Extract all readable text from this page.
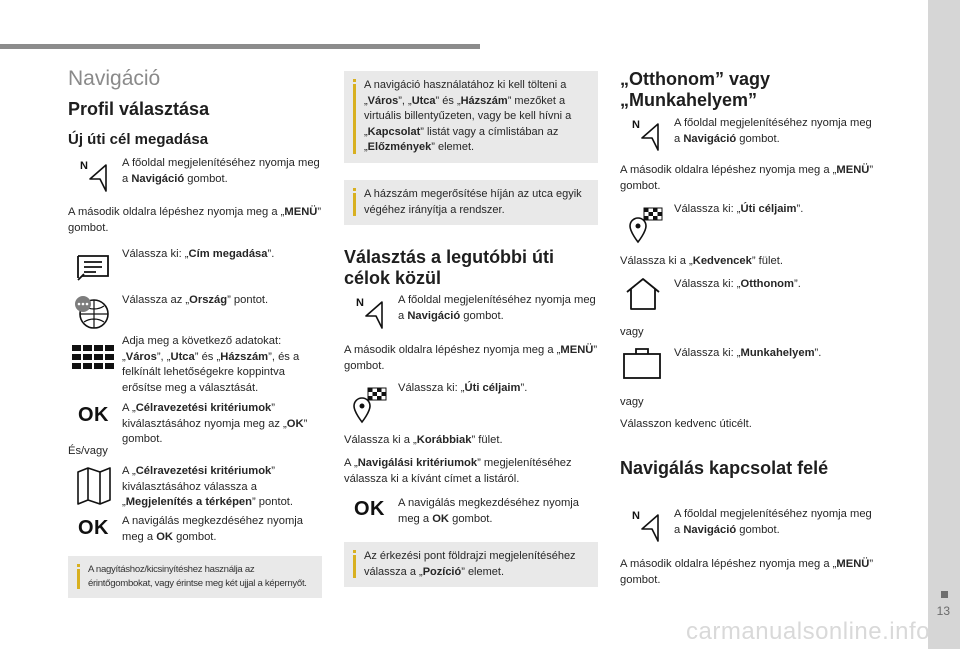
13
carmanualsonline.info
Navigáció
Profil választása
Új úti cél megadása
N	A főoldal megjelenítéséhez nyomja meg a Navigáció gombot.
A második oldalra lépéshez nyomja meg a „MENÜ” gombot.
Válassza ki: „Cím megadása”.
Válassza az „Ország” pontot.
Adja meg a következő adatokat: „Város”, „Utca” és „Házszám”, és a felkínált lehetőségekre koppintva erősítse meg a választását.
OK A „Célravezetési kritériumok” kiválasztásához nyomja meg az „OK” gombot.
És/vagy
A „Célravezetési kritériumok” kiválasztásához válassza a „Megjelenítés a térképen” pontot.
OK A navigálás megkezdéséhez nyomja meg a OK gombot.
A nagyításhoz/kicsinyítéshez használja az érintőgombokat, vagy érintse meg két ujjal a képernyőt.
A navigáció használatához ki kell tölteni a „Város”, „Utca” és „Házszám” mezőket a virtuális billentyűzeten, vagy be kell hívni a „Kapcsolat” listát vagy a címlistában az „Előzmények” elemet.
A házszám megerősítése híján az utca egyik végéhez irányítja a rendszer.
Választás a legutóbbi úti célok közül
N	A főoldal megjelenítéséhez nyomja meg a Navigáció gombot.
A második oldalra lépéshez nyomja meg a „MENÜ” gombot.
Válassza ki: „Úti céljaim”.
Válassza ki a „Korábbiak” fület.
A „Navigálási kritériumok” megjelenítéséhez válassza ki a kívánt címet a listáról.
OK A navigálás megkezdéséhez nyomja meg a OK gombot.
Az érkezési pont földrajzi megjelenítéséhez válassza a „Pozíció” elemet.
„Otthonom” vagy „Munkahelyem”
N	A főoldal megjelenítéséhez nyomja meg a Navigáció gombot.
A második oldalra lépéshez nyomja meg a „MENÜ” gombot.
Válassza ki: „Úti céljaim”.
Válassza ki a „Kedvencek” fület.
Válassza ki: „Otthonom”.
vagy
Válassza ki: „Munkahelyem”.
vagy
Válasszon kedvenc úticélt.
Navigálás kapcsolat felé
N	A főoldal megjelenítéséhez nyomja meg a Navigáció gombot.
A második oldalra lépéshez nyomja meg a „MENÜ” gombot.
